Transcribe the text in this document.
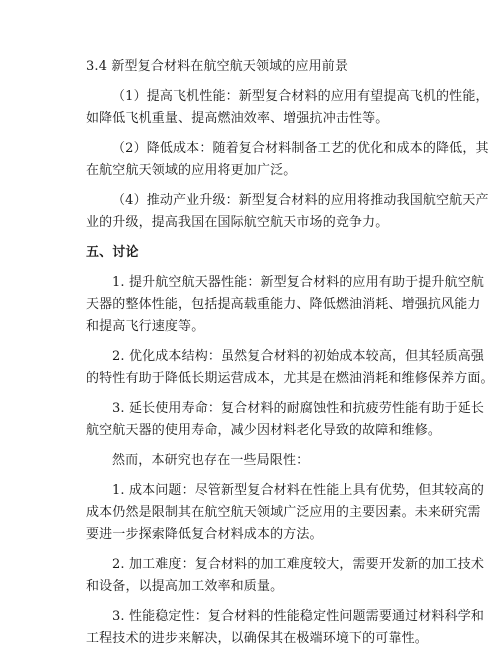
3.4 新型复合材料在航空航天领域的应用前景
（1）提高飞机性能：新型复合材料的应用有望提高飞机的性能，
如降低飞机重量、提高燃油效率、增强抗冲击性等。
（2）降低成本：随着复合材料制备工艺的优化和成本的降低，其
在航空航天领域的应用将更加广泛。
（4）推动产业升级：新型复合材料的应用将推动我国航空航天产
业的升级，提高我国在国际航空航天市场的竞争力。
五、讨论
1. 提升航空航天器性能：新型复合材料的应用有助于提升航空航
天器的整体性能，包括提高载重能力、降低燃油消耗、增强抗风能力
和提高飞行速度等。
2. 优化成本结构：虽然复合材料的初始成本较高，但其轻质高强
的特性有助于降低长期运营成本，尤其是在燃油消耗和维修保养方面。
3. 延长使用寿命：复合材料的耐腐蚀性和抗疲劳性能有助于延长
航空航天器的使用寿命，减少因材料老化导致的故障和维修。
然而，本研究也存在一些局限性：
1. 成本问题：尽管新型复合材料在性能上具有优势，但其较高的
成本仍然是限制其在航空航天领域广泛应用的主要因素。未来研究需
要进一步探索降低复合材料成本的方法。
2. 加工难度：复合材料的加工难度较大，需要开发新的加工技术
和设备，以提高加工效率和质量。
3. 性能稳定性：复合材料的性能稳定性问题需要通过材料科学和
工程技术的进步来解决，以确保其在极端环境下的可靠性。
